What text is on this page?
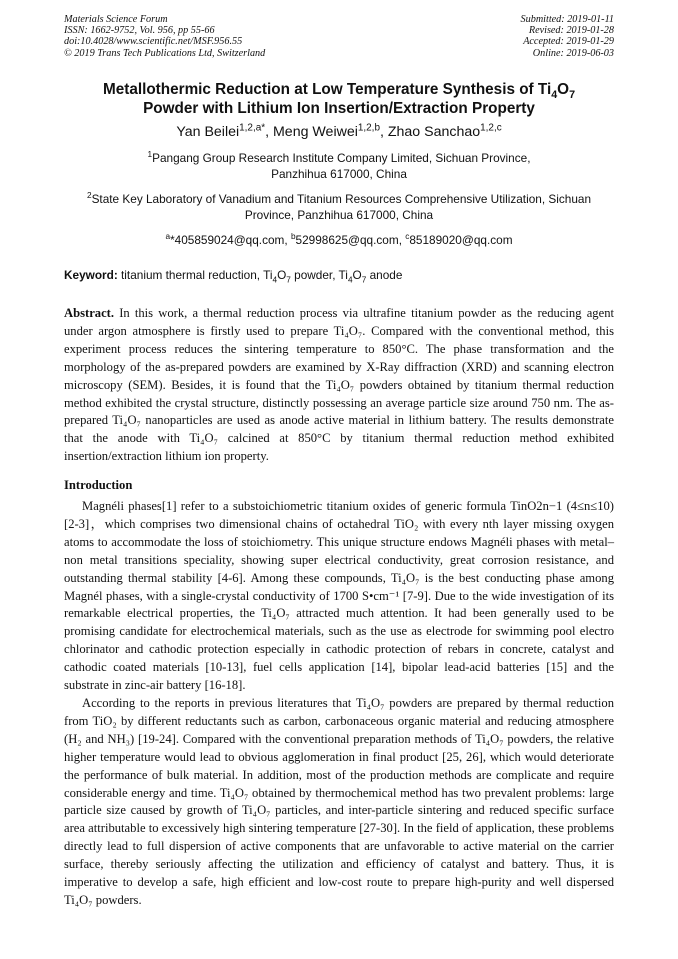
Materials Science Forum
ISSN: 1662-9752, Vol. 956, pp 55-66
doi:10.4028/www.scientific.net/MSF.956.55
© 2019 Trans Tech Publications Ltd, Switzerland
Submitted: 2019-01-11
Revised: 2019-01-28
Accepted: 2019-01-29
Online: 2019-06-03
Metallothermic Reduction at Low Temperature Synthesis of $Ti_4O_7$
Powder with Lithium Ion Insertion/Extraction Property
Yan Beilei$^{1,2,a*}$, Meng Weiwei$^{1,2,b}$, Zhao Sanchao$^{1,2,c}$
$^1$Pangang Group Research Institute Company Limited, Sichuan Province,
Panzhihua 617000, China
$^2$State Key Laboratory of Vanadium and Titanium Resources Comprehensive Utilization, Sichuan
Province, Panzhihua 617000, China
$^a$*405859024@qq.com, $^b$52998625@qq.com, $^c$85189020@qq.com
Keyword: titanium thermal reduction, $Ti_4O_7$ powder, $Ti_4O_7$ anode

Abstract. In this work, a thermal reduction process via ultrafine titanium powder as the reducing agent under argon atmosphere is firstly used to prepare Ti₄O₇. Compared with the conventional method, this experiment process reduces the sintering temperature to 850°C. The phase transformation and the morphology of the as-prepared powders are examined by X-Ray diffraction (XRD) and scanning electron microscopy (SEM). Besides, it is found that the Ti₄O₇ powders obtained by titanium thermal reduction method exhibited the crystal structure, distinctly possessing an average particle size around 750 nm. The as-prepared Ti₄O₇ nanoparticles are used as anode active material in lithium battery. The results demonstrate that the anode with Ti₄O₇ calcined at 850°C by titanium thermal reduction method exhibited insertion/extraction lithium ion property.

Introduction

Magnéli phases[1] refer to a substoichiometric titanium oxides of generic formula TinO2n−1 (4≤n≤10) [2-3]，which comprises two dimensional chains of octahedral TiO₂ with every nth layer missing oxygen atoms to accommodate the loss of stoichiometry. This unique structure endows Magnéli phases with metal–non metal transitions speciality, showing super electrical conductivity, great corrosion resistance, and outstanding thermal stability [4-6]. Among these compounds, Ti₄O₇ is the best conducting phase among Magnél phases, with a single-crystal conductivity of 1700 S•cm⁻¹ [7-9]. Due to the wide investigation of its remarkable electrical properties, the Ti₄O₇ attracted much attention. It had been generally used to be promising candidate for electrochemical materials, such as the use as electrode for swimming pool electro chlorinator and cathodic protection especially in cathodic protection of rebars in concrete, catalyst and cathodic coated materials [10-13], fuel cells application [14], bipolar lead-acid batteries [15] and the substrate in zinc-air battery [16-18].

According to the reports in previous literatures that Ti₄O₇ powders are prepared by thermal reduction from TiO₂ by different reductants such as carbon, carbonaceous organic material and reducing atmosphere (H₂ and NH₃) [19-24]. Compared with the conventional preparation methods of Ti₄O₇ powders, the relative higher temperature would lead to obvious agglomeration in final product [25, 26], which would deteriorate the performance of bulk material. In addition, most of the production methods are complicate and require considerable energy and time. Ti₄O₇ obtained by thermochemical method has two prevalent problems: large particle size caused by growth of Ti₄O₇ particles, and inter-particle sintering and reduced specific surface area attributable to excessively high sintering temperature [27-30]. In the field of application, these problems directly lead to full dispersion of active components that are unfavorable to active material on the carrier surface, thereby seriously affecting the utilization and efficiency of catalyst and battery. Thus, it is imperative to develop a safe, high efficient and low-cost route to prepare high-purity and well dispersed Ti₄O₇ powders.
